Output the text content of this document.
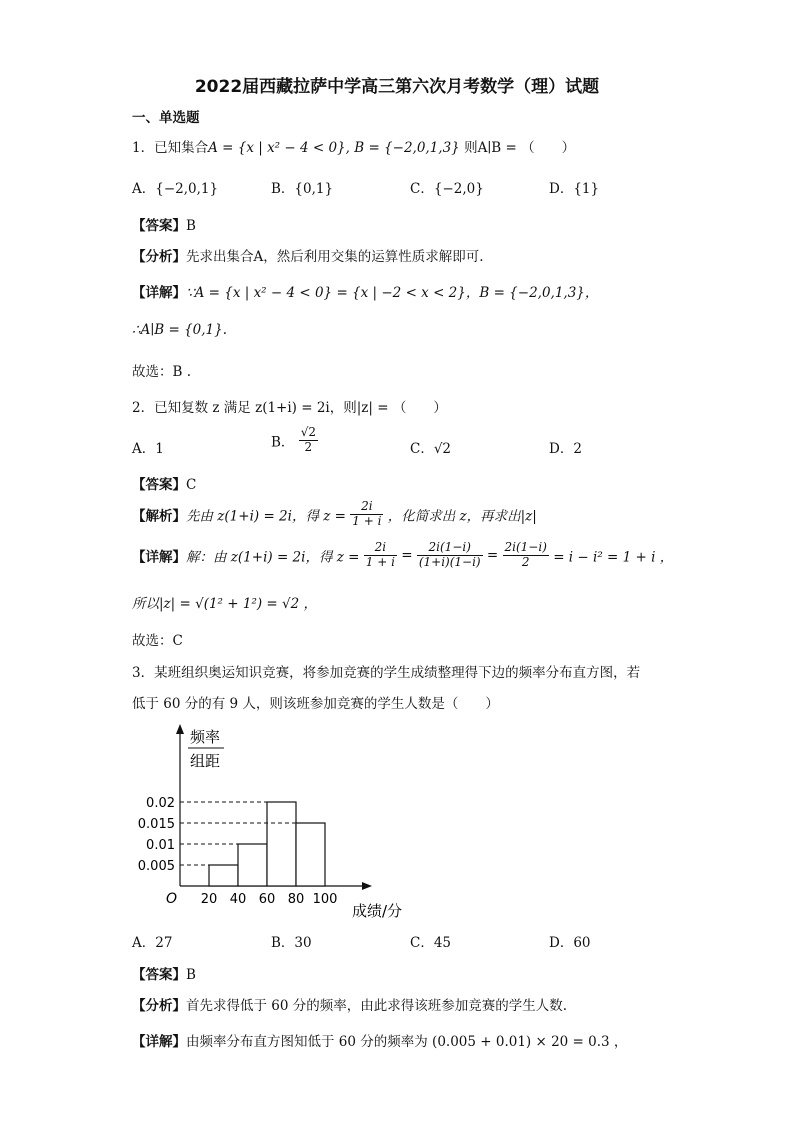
2022届西藏拉萨中学高三第六次月考数学（理）试题
一、单选题
1．已知集合A = {x | x² − 4 < 0}, B = {−2,0,1,3} 则A∣B = （　　）
A．{−2,0,1}	B．{0,1}	C．{−2,0}	D．{1}
【答案】B
【分析】先求出集合A，然后利用交集的运算性质求解即可.
【详解】∵A = {x | x² − 4 < 0} = {x | −2 < x < 2}，B = {−2,0,1,3}，
∴A∣B = {0,1}.
故选：B .
2．已知复数 z 满足 z(1+i) = 2i，则|z| = （　　）
A．1	B． $\frac{√2}{2}$	C．√2	D．2
【答案】C
【解析】先由 z(1+i) = 2i，得 $z = \frac{2i}{1 + i}$ ，化简求出 z，再求出|z|
【详解】解：由 z(1+i) = 2i，得 $z = \frac{2i}{1 + i} = \frac{2i(1-i)}{(1+i)(1-i)} = \frac{2i(1-i)}{2} = i - i^2 = 1 + i$ ，
所以|z| = √(1² + 1²) = √2 ，
故选：C
3．某班组织奥运知识竞赛，将参加竞赛的学生成绩整理得下边的频率分布直方图，若
低于 60 分的有 9 人，则该班参加竞赛的学生人数是（　　）
频率
组距
0.005
0.01
0.015
0.02
20 40 60 80 100
O
成绩/分
A．27	B．30	C．45	D．60
【答案】B
【分析】首先求得低于 60 分的频率，由此求得该班参加竞赛的学生人数.
【详解】由频率分布直方图知低于 60 分的频率为 (0.005 + 0.01) × 20 = 0.3 ，
